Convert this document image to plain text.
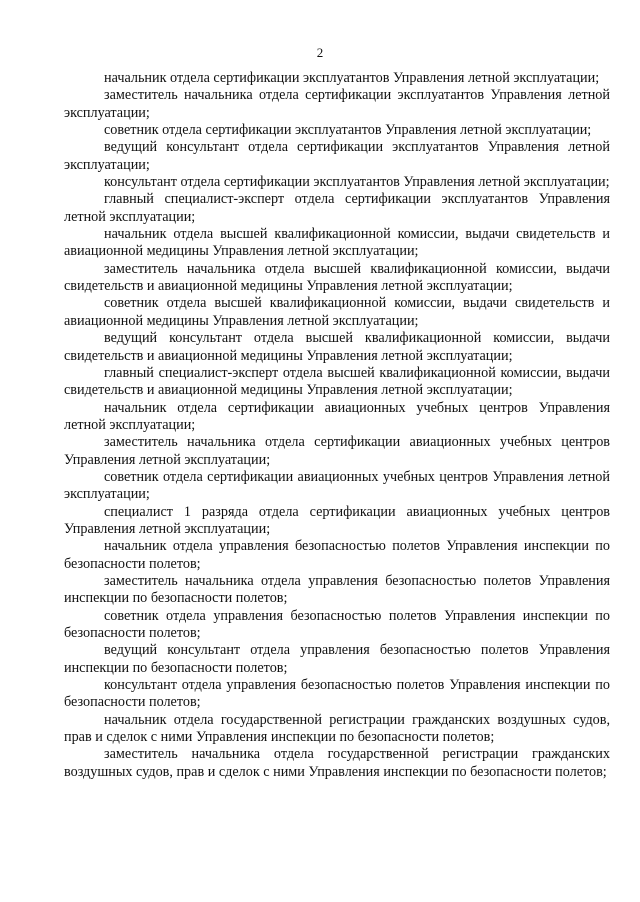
2

начальник отдела сертификации эксплуатантов Управления летной эксплуатации;

заместитель начальника отдела сертификации эксплуатантов Управления летной эксплуатации;

советник отдела сертификации эксплуатантов Управления летной эксплуатации;

ведущий консультант отдела сертификации эксплуатантов Управления летной эксплуатации;

консультант отдела сертификации эксплуатантов Управления летной эксплуатации;

главный специалист-эксперт отдела сертификации эксплуатантов Управления летной эксплуатации;

начальник отдела высшей квалификационной комиссии, выдачи свидетельств и авиационной медицины Управления летной эксплуатации;

заместитель начальника отдела высшей квалификационной комиссии, выдачи свидетельств и авиационной медицины Управления летной эксплуатации;

советник отдела высшей квалификационной комиссии, выдачи свидетельств и авиационной медицины Управления летной эксплуатации;

ведущий консультант отдела высшей квалификационной комиссии, выдачи свидетельств и авиационной медицины Управления летной эксплуатации;

главный специалист-эксперт отдела высшей квалификационной комиссии, выдачи свидетельств и авиационной медицины Управления летной эксплуатации;

начальник отдела сертификации авиационных учебных центров Управления летной эксплуатации;

заместитель начальника отдела сертификации авиационных учебных центров Управления летной эксплуатации;

советник отдела сертификации авиационных учебных центров Управления летной эксплуатации;

специалист 1 разряда отдела сертификации авиационных учебных центров Управления летной эксплуатации;

начальник отдела управления безопасностью полетов Управления инспекции по безопасности полетов;

заместитель начальника отдела управления безопасностью полетов Управления инспекции по безопасности полетов;

советник отдела управления безопасностью полетов Управления инспекции по безопасности полетов;

ведущий консультант отдела управления безопасностью полетов Управления инспекции по безопасности полетов;

консультант отдела управления безопасностью полетов Управления инспекции по безопасности полетов;

начальник отдела государственной регистрации гражданских воздушных судов, прав и сделок с ними Управления инспекции по безопасности полетов;

заместитель начальника отдела государственной регистрации гражданских воздушных судов, прав и сделок с ними Управления инспекции по безопасности полетов;
